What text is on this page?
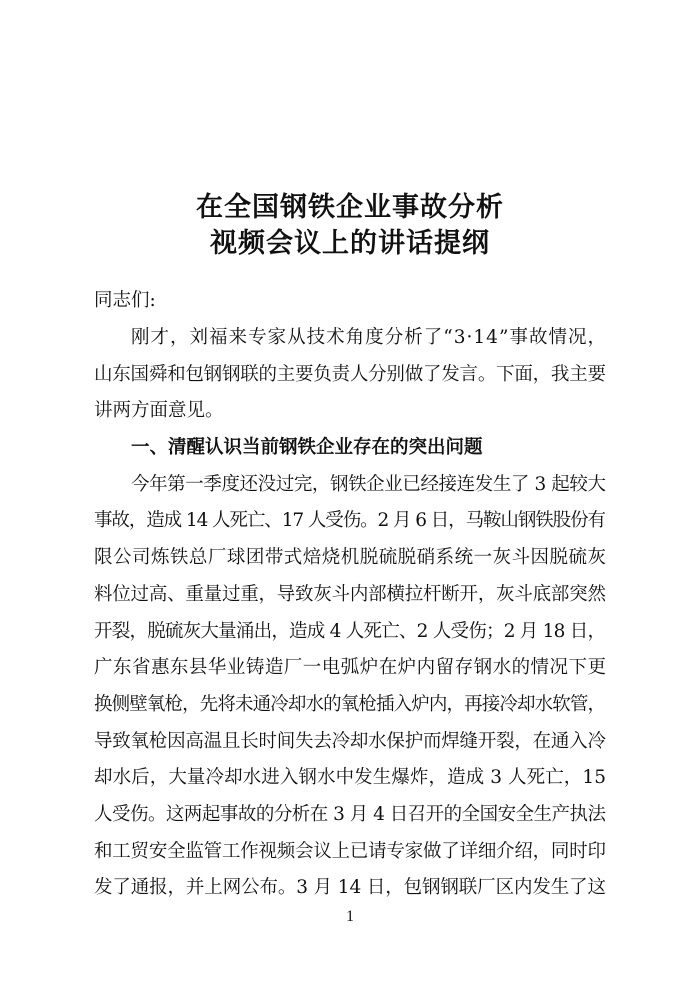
在全国钢铁企业事故分析
视频会议上的讲话提纲
同志们:
刚才，刘福来专家从技术角度分析了“3·14”事故情况，
山东国舜和包钢钢联的主要负责人分别做了发言。下面，我主要
讲两方面意见。
一、清醒认识当前钢铁企业存在的突出问题
今年第一季度还没过完，钢铁企业已经接连发生了 3 起较大
事故，造成 14 人死亡、17 人受伤。2 月 6 日，马鞍山钢铁股份有
限公司炼铁总厂球团带式焙烧机脱硫脱硝系统一灰斗因脱硫灰
料位过高、重量过重，导致灰斗内部横拉杆断开，灰斗底部突然
开裂，脱硫灰大量涌出，造成 4 人死亡、2 人受伤；2 月 18 日，
广东省惠东县华业铸造厂一电弧炉在炉内留存钢水的情况下更
换侧壁氧枪，先将未通冷却水的氧枪插入炉内，再接冷却水软管，
导致氧枪因高温且长时间失去冷却水保护而焊缝开裂，在通入冷
却水后，大量冷却水进入钢水中发生爆炸，造成 3 人死亡，15
人受伤。这两起事故的分析在 3 月 4 日召开的全国安全生产执法
和工贸安全监管工作视频会议上已请专家做了详细介绍，同时印
发了通报，并上网公布。3 月 14 日，包钢钢联厂区内发生了这
1
